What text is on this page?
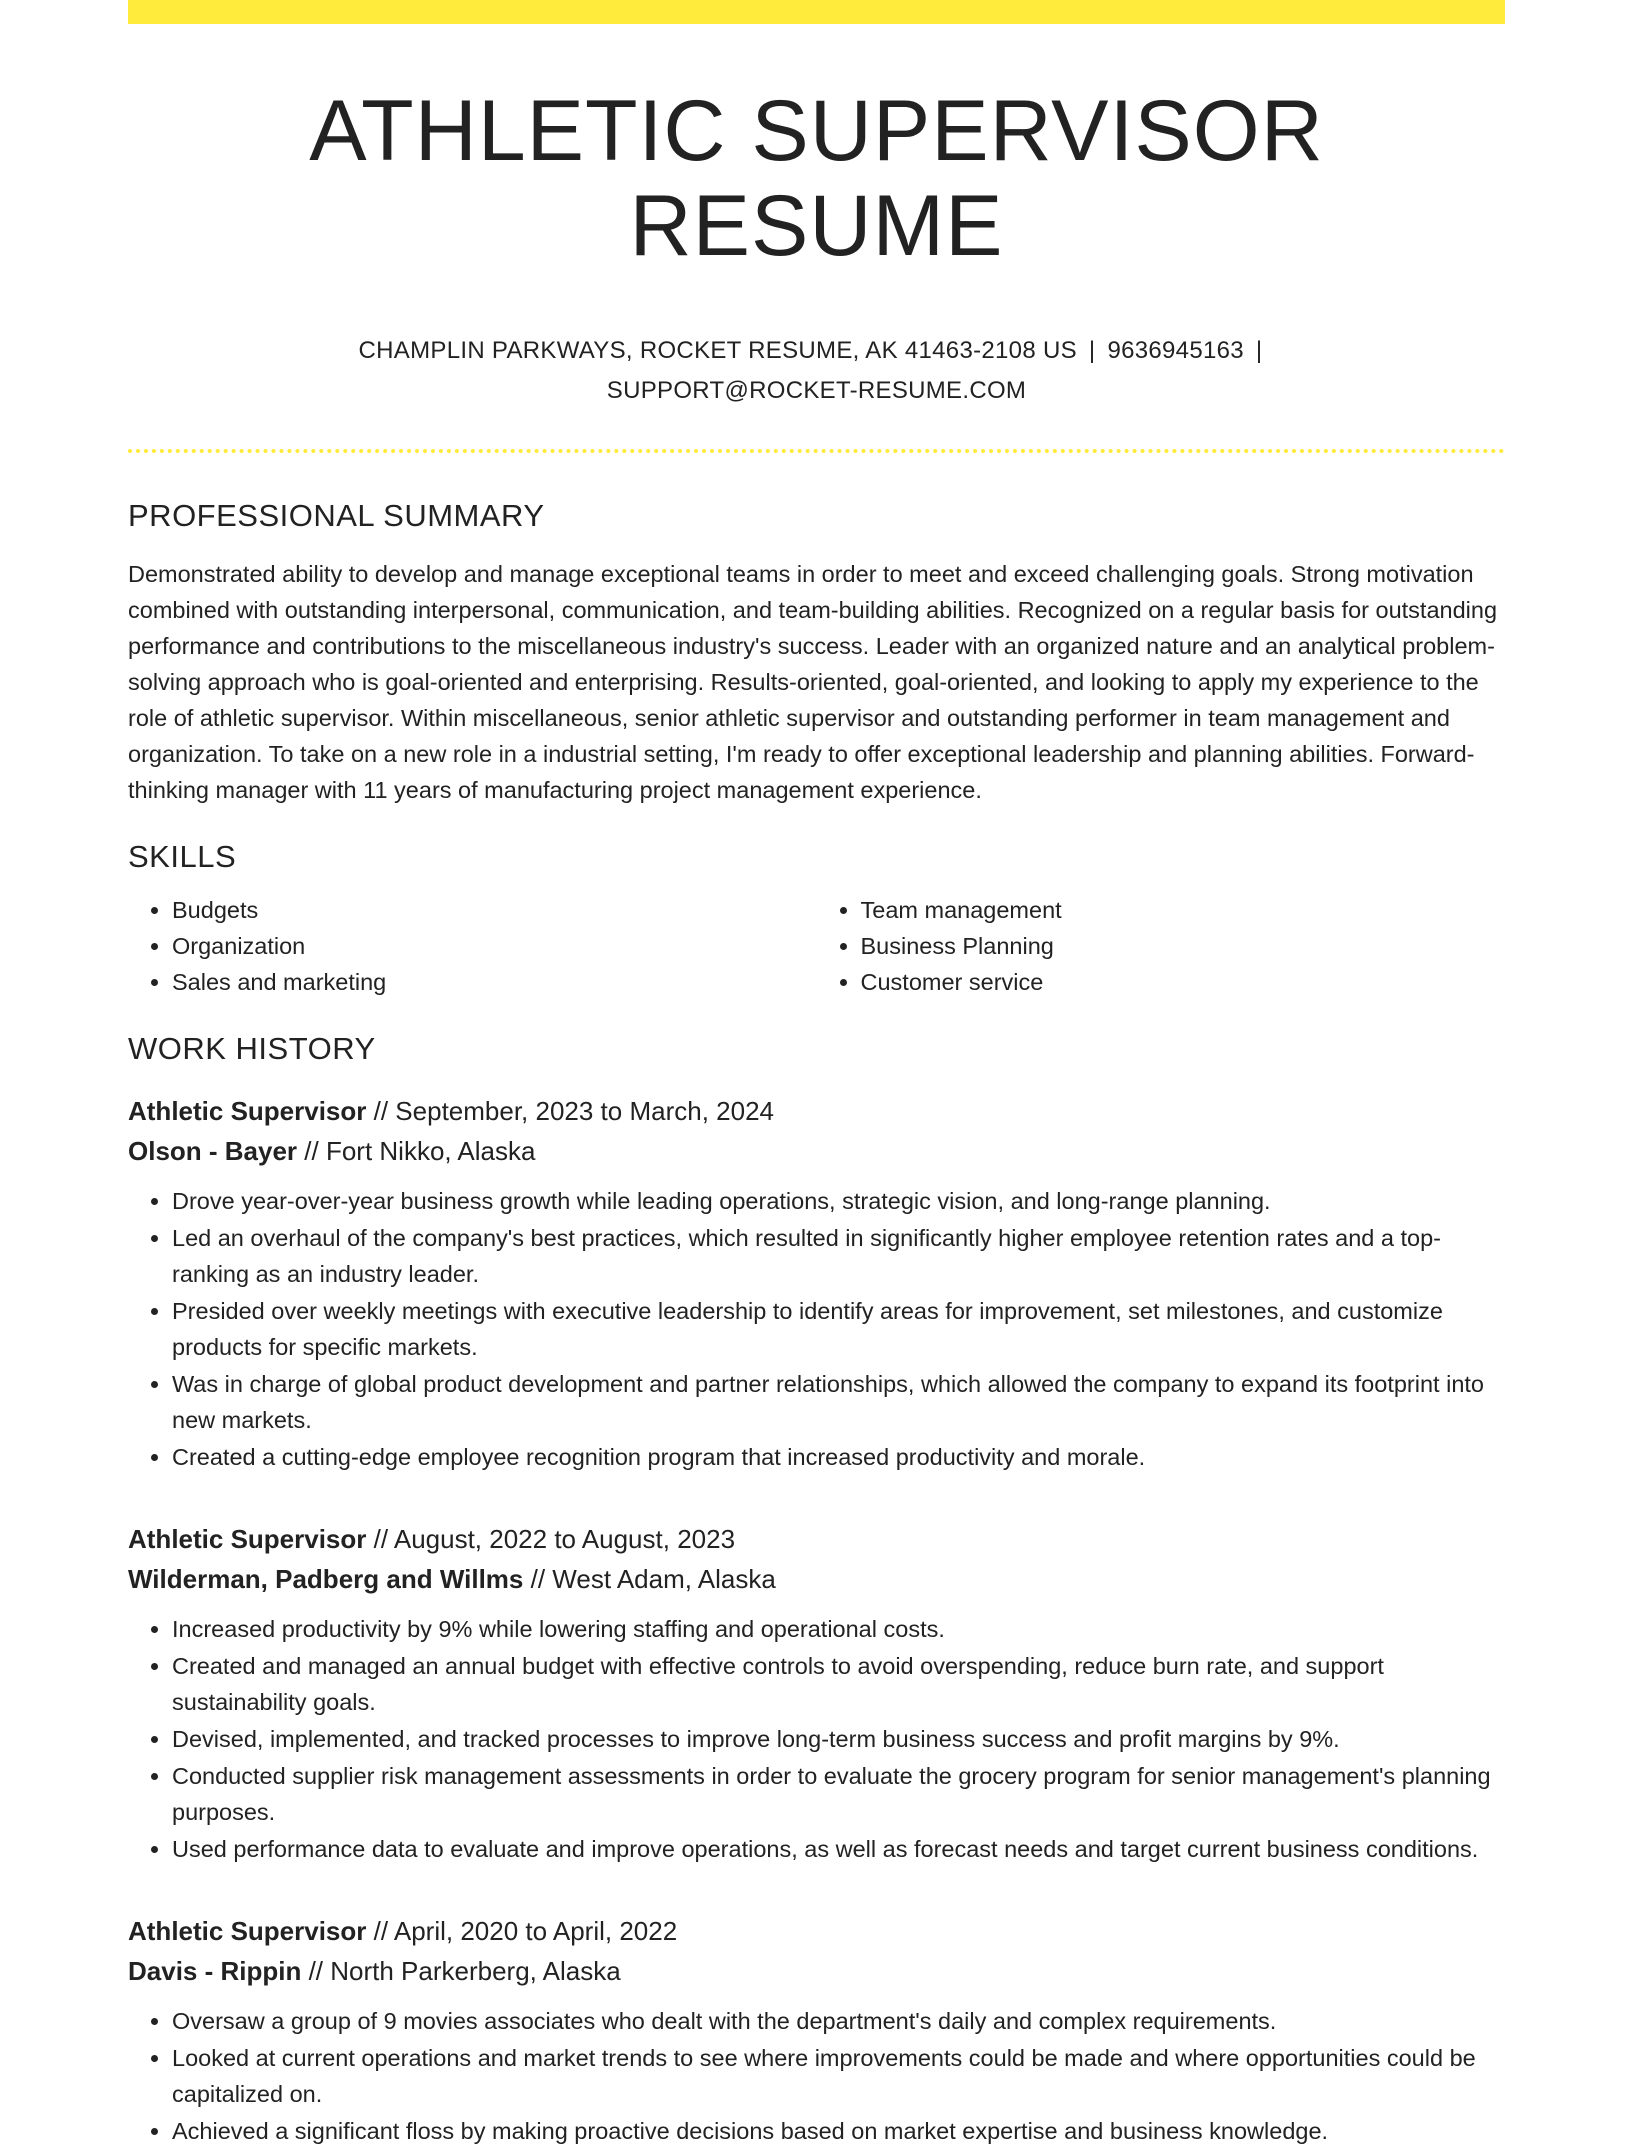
ATHLETIC SUPERVISOR RESUME
CHAMPLIN PARKWAYS, ROCKET RESUME, AK 41463-2108 US | 9636945163 |
SUPPORT@ROCKET-RESUME.COM
PROFESSIONAL SUMMARY

Demonstrated ability to develop and manage exceptional teams in order to meet and exceed challenging goals. Strong motivation combined with outstanding interpersonal, communication, and team-building abilities. Recognized on a regular basis for outstanding performance and contributions to the miscellaneous industry's success. Leader with an organized nature and an analytical problem-solving approach who is goal-oriented and enterprising. Results-oriented, goal-oriented, and looking to apply my experience to the role of athletic supervisor. Within miscellaneous, senior athletic supervisor and outstanding performer in team management and organization. To take on a new role in a industrial setting, I'm ready to offer exceptional leadership and planning abilities. Forward-thinking manager with 11 years of manufacturing project management experience.

SKILLS
• Budgets
• Organization
• Sales and marketing
• Team management
• Business Planning
• Customer service
WORK HISTORY
Athletic Supervisor // September, 2023 to March, 2024
Olson - Bayer // Fort Nikko, Alaska
• Drove year-over-year business growth while leading operations, strategic vision, and long-range planning.
• Led an overhaul of the company's best practices, which resulted in significantly higher employee retention rates and a top-ranking as an industry leader.
• Presided over weekly meetings with executive leadership to identify areas for improvement, set milestones, and customize products for specific markets.
• Was in charge of global product development and partner relationships, which allowed the company to expand its footprint into new markets.
• Created a cutting-edge employee recognition program that increased productivity and morale.
Athletic Supervisor // August, 2022 to August, 2023
Wilderman, Padberg and Willms // West Adam, Alaska
• Increased productivity by 9% while lowering staffing and operational costs.
• Created and managed an annual budget with effective controls to avoid overspending, reduce burn rate, and support sustainability goals.
• Devised, implemented, and tracked processes to improve long-term business success and profit margins by 9%.
• Conducted supplier risk management assessments in order to evaluate the grocery program for senior management's planning purposes.
• Used performance data to evaluate and improve operations, as well as forecast needs and target current business conditions.
Athletic Supervisor // April, 2020 to April, 2022
Davis - Rippin // North Parkerberg, Alaska
• Oversaw a group of 9 movies associates who dealt with the department's daily and complex requirements.
• Looked at current operations and market trends to see where improvements could be made and where opportunities could be capitalized on.
• Achieved a significant floss by making proactive decisions based on market expertise and business knowledge.
